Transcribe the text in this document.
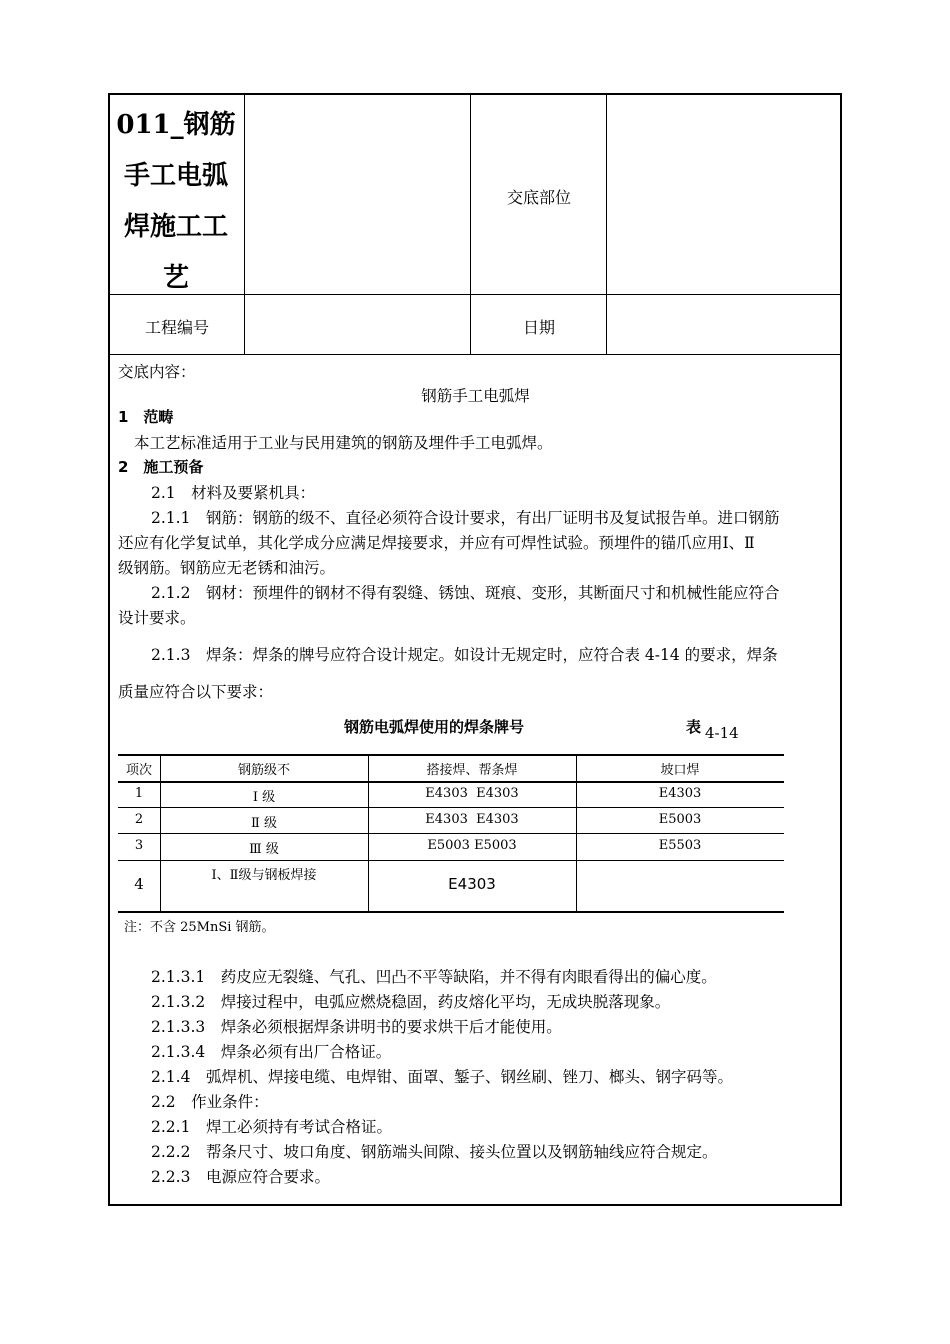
011_钢筋
手工电弧
焊施工工
艺
交底部位
工程编号	日期
交底内容：
钢筋手工电弧焊
1　范畴
本工艺标准适用于工业与民用建筑的钢筋及埋件手工电弧焊。
2　施工预备
2.1　材料及要紧机具：
2.1.1　钢筋：钢筋的级不、直径必须符合设计要求，有出厂证明书及复试报告单。进口钢筋
还应有化学复试单，其化学成分应满足焊接要求，并应有可焊性试验。预埋件的锚爪应用Ⅰ、Ⅱ
级钢筋。钢筋应无老锈和油污。
2.1.2　钢材：预埋件的钢材不得有裂缝、锈蚀、斑痕、变形，其断面尺寸和机械性能应符合
设计要求。
2.1.3　焊条：焊条的牌号应符合设计规定。如设计无规定时，应符合表 4-14 的要求，焊条
质量应符合以下要求：
钢筋电弧焊使用的焊条牌号	表 4-14
项次	钢筋级不	搭接焊、帮条焊	坡口焊
1	Ⅰ 级	E4303  E4303	E4303
2	Ⅱ 级	E4303  E4303	E5003
3	Ⅲ 级	E5003 E5003	E5503
4	Ⅰ、Ⅱ级与钢板焊接	E4303
注：不含 25MnSi 钢筋。
2.1.3.1　药皮应无裂缝、气孔、凹凸不平等缺陷，并不得有肉眼看得出的偏心度。
2.1.3.2　焊接过程中，电弧应燃烧稳固，药皮熔化平均，无成块脱落现象。
2.1.3.3　焊条必须根据焊条讲明书的要求烘干后才能使用。
2.1.3.4　焊条必须有出厂合格证。
2.1.4　弧焊机、焊接电缆、电焊钳、面罩、錾子、钢丝刷、锉刀、榔头、钢字码等。
2.2　作业条件：
2.2.1　焊工必须持有考试合格证。
2.2.2　帮条尺寸、坡口角度、钢筋端头间隙、接头位置以及钢筋轴线应符合规定。
2.2.3　电源应符合要求。
